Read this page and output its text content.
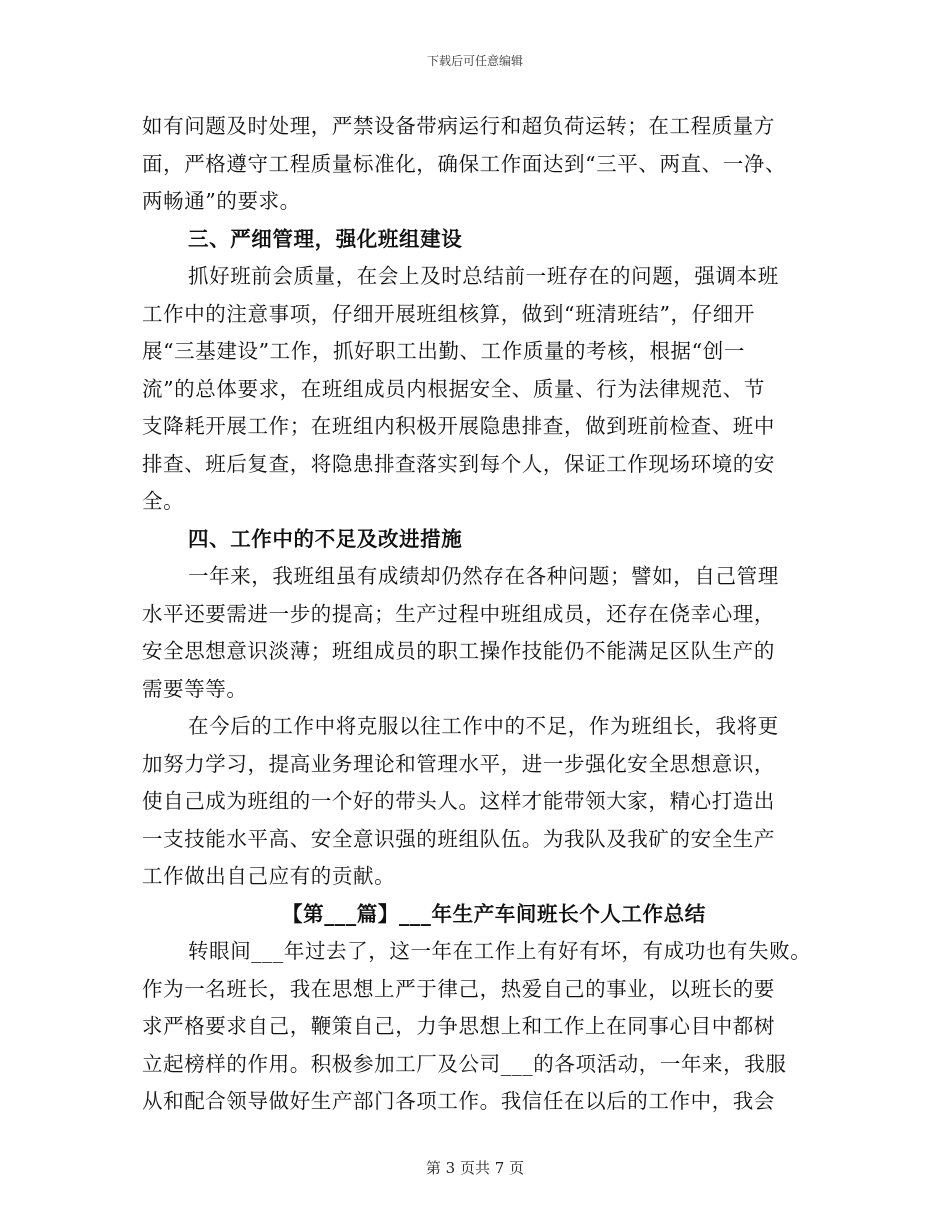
下载后可任意编辑
如有问题及时处理，严禁设备带病运行和超负荷运转；在工程质量方
面，严格遵守工程质量标准化，确保工作面达到“三平、两直、一净、
两畅通”的要求。
三、严细管理，强化班组建设
抓好班前会质量，在会上及时总结前一班存在的问题，强调本班
工作中的注意事项，仔细开展班组核算，做到“班清班结”，仔细开
展“三基建设”工作，抓好职工出勤、工作质量的考核，根据“创一
流”的总体要求，在班组成员内根据安全、质量、行为法律规范、节
支降耗开展工作；在班组内积极开展隐患排查，做到班前检查、班中
排查、班后复查，将隐患排查落实到每个人，保证工作现场环境的安
全。
四、工作中的不足及改进措施
一年来，我班组虽有成绩却仍然存在各种问题；譬如，自己管理
水平还要需进一步的提高；生产过程中班组成员，还存在侥幸心理，
安全思想意识淡薄；班组成员的职工操作技能仍不能满足区队生产的
需要等等。
在今后的工作中将克服以往工作中的不足，作为班组长，我将更
加努力学习，提高业务理论和管理水平，进一步强化安全思想意识，
使自己成为班组的一个好的带头人。这样才能带领大家，精心打造出
一支技能水平高、安全意识强的班组队伍。为我队及我矿的安全生产
工作做出自己应有的贡献。
【第___篇】___年生产车间班长个人工作总结
转眼间___年过去了，这一年在工作上有好有坏，有成功也有失败。
作为一名班长，我在思想上严于律己，热爱自己的事业，以班长的要
求严格要求自己，鞭策自己，力争思想上和工作上在同事心目中都树
立起榜样的作用。积极参加工厂及公司___的各项活动，一年来，我服
从和配合领导做好生产部门各项工作。我信任在以后的工作中，我会
第 3 页共 7 页
